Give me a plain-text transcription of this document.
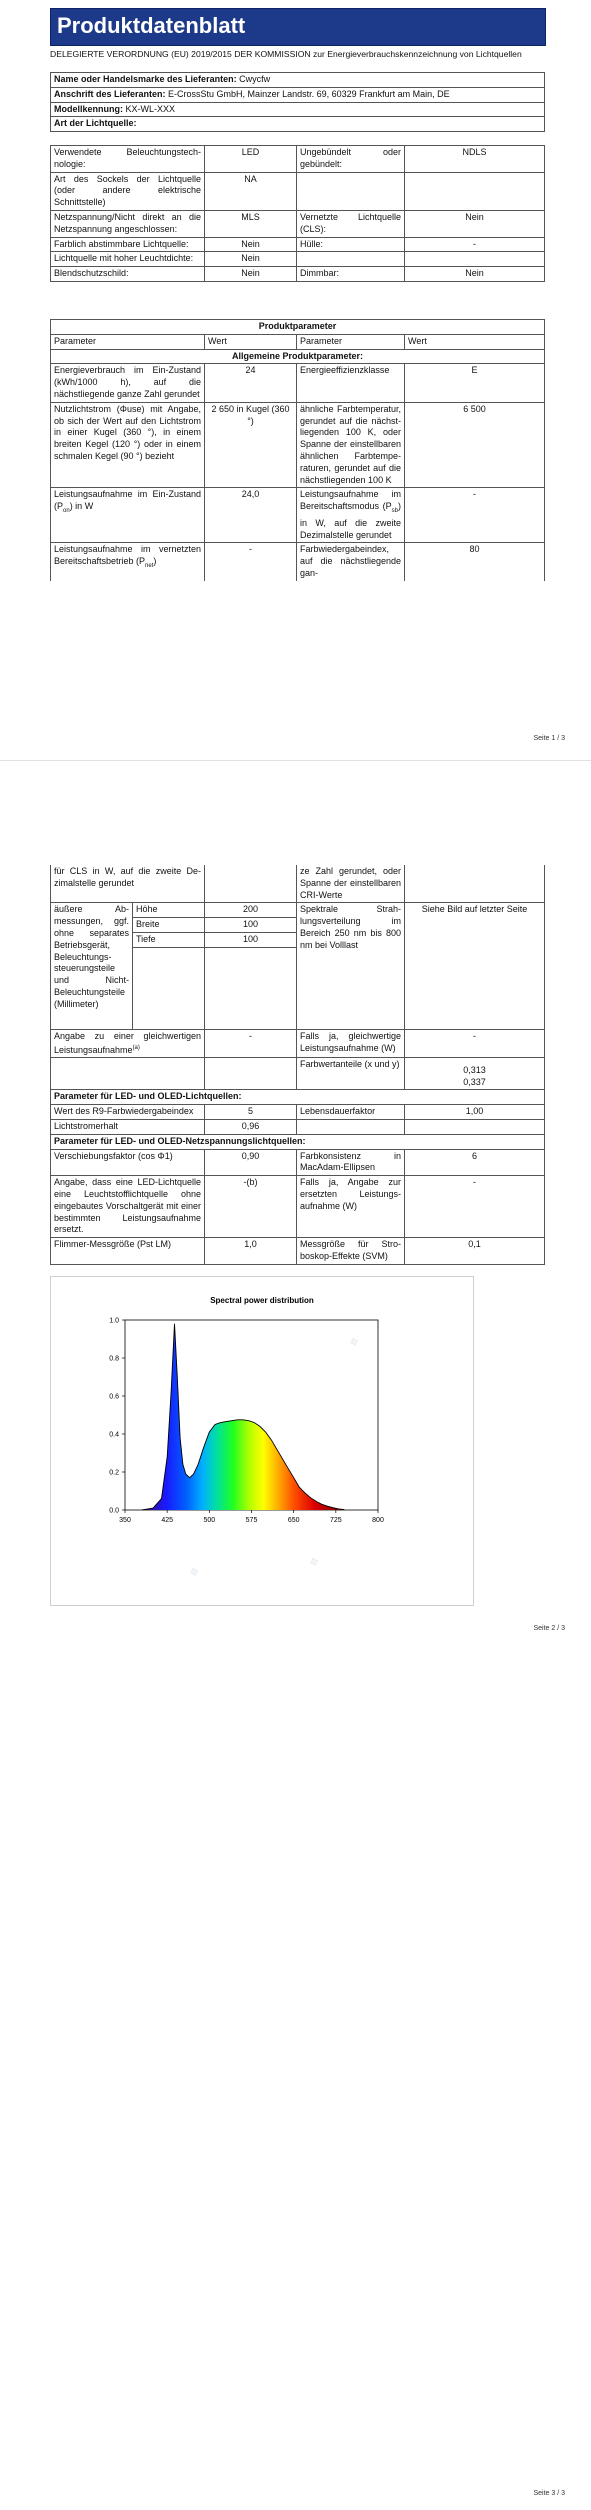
Produktdatenblatt
DELEGIERTE VERORDNUNG (EU) 2019/2015 DER KOMMISSION zur Energieverbrauchskennzeichnung von Lichtquellen
Name oder Handelsmarke des Lieferanten: Cwycfw
Anschrift des Lieferanten: E-CrossStu GmbH, Mainzer Landstr. 69, 60329 Frankfurt am Main, DE
Modellkennung: KX-WL-XXX
Art der Lichtquelle:
Verwendete Beleuchtungstechnologie:	LED	Ungebündelt oder gebündelt:	NDLS
Art des Sockels der Lichtquelle (oder andere elektrische Schnittstelle)	NA		
Netzspannung/Nicht direkt an die Netzspannung angeschlossen:	MLS	Vernetzte Lichtquelle (CLS):	Nein
Farblich abstimmbare Lichtquelle:	Nein	Hülle:	-
Lichtquelle mit hoher Leuchtdichte:	Nein		
Blendschutzschild:	Nein	Dimmbar:	Nein
Produktparameter			
Parameter	Wert	Parameter	Wert
Allgemeine Produktparameter:			
Energieverbrauch im Ein-Zustand (kWh/1000 h), auf die nächstliegende ganze Zahl gerundet	24	Energieeffizienzklasse	E
Nutzlichtstrom (Φuse) mit Angabe, ob sich der Wert auf den Lichtstrom in einer Kugel (360 °), in einem breiten Kegel (120 °) oder in einem schmalen Kegel (90 °) bezieht	2 650 in Kugel (360 °)	ähnliche Farbtemperatur, gerundet auf die nächstliegenden 100 K, oder Spanne der einstellbaren ähnlichen Farbtemperaturen, gerundet auf die nächstliegenden 100 K	6 500
Leistungsaufnahme im Ein-Zustand $(P_{on})$ in W	24,0	Leistungsaufnahme im Bereitschaftsmodus $(P_{sb})$ in W, auf die zweite Dezimalstelle gerundet	-
Leistungsaufnahme im vernetzten Bereitschaftsbetrieb $(P_{net})$	-	Farbwiedergabeindex, auf die nächstliegende gan-	80
Seite 1 / 3
für CLS in W, auf die zweite Dezimalstelle gerundet			ze Zahl gerundet, oder Spanne der einstellbaren CRI-Werte	
äußere Abmessungen, ggf. ohne separates Betriebsgerät, Beleuchtungssteuerungsteile und Nicht-Beleuchtungsteile (Millimeter)	Höhe	200	Spektrale Strahlungsverteilung im Bereich 250 nm bis 800 nm bei Volllast	Siehe Bild auf letzter Seite
	Breite	100		
	Tiefe	100		

Angabe zu einer gleichwertigen Leistungsaufnahme$^{(a)}$		-	Falls ja, gleichwertige Leistungsaufnahme (W)	-
			Farbwertanteile (x und y)	0,313
0,337
Parameter für LED- und OLED-Lichtquellen:				
Wert des R9-Farbwiedergabeindex		5	Lebensdauerfaktor	1,00
Lichtstromerhalt		0,96		
Parameter für LED- und OLED-Netzspannungslichtquellen:				
Verschiebungsfaktor (cos Φ1)		0,90	Farbkonsistenz in MacAdam-Ellipsen	6
Angabe, dass eine LED-Lichtquelle eine Leuchtstofflichtquelle ohne eingebautes Vorschaltgerät mit einer bestimmten Leistungsaufnahme ersetzt.		-(b)	Falls ja, Angabe zur ersetzten Leistungsaufnahme (W)	-
Flimmer-Messgröße (Pst LM)		1,0	Messgröße für Stroboskop-Effekte (SVM)	0,1
Seite 2 / 3
✥
✥
✥
Spectral power distribution
350	425	500	575	650	725	800
0.0
0.2
0.4
0.6
0.8
1.0
Seite 3 / 3
